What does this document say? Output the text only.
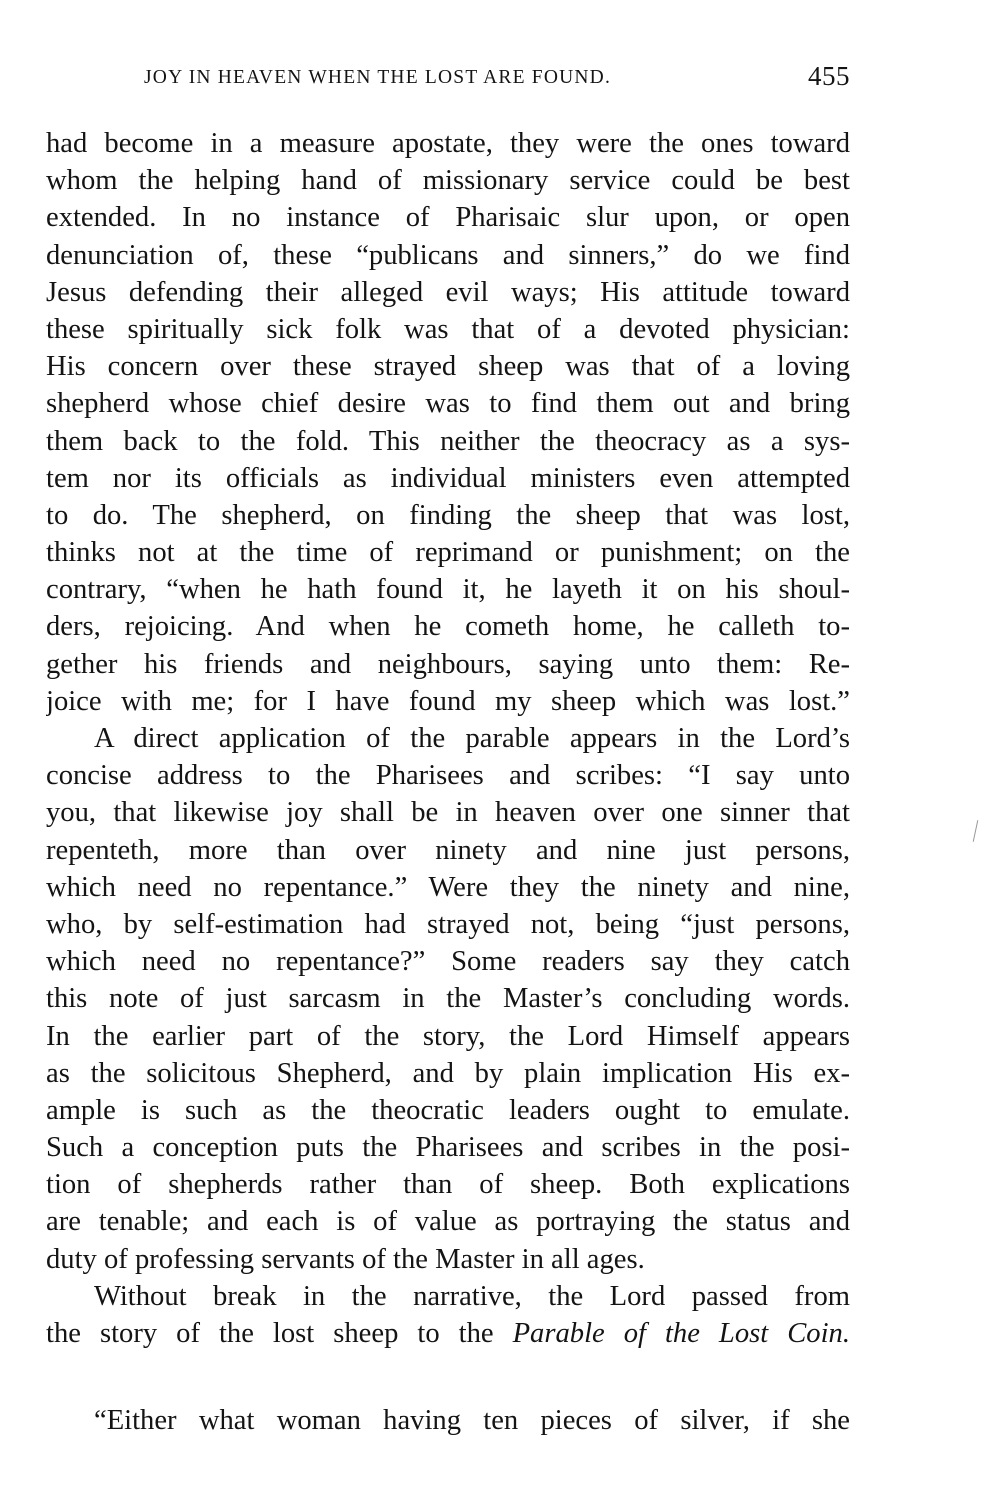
JOY IN HEAVEN WHEN THE LOST ARE FOUND.	455
had become in a measure apostate, they were the ones toward
whom the helping hand of missionary service could be best
extended. In no instance of Pharisaic slur upon, or open
denunciation of, these “publicans and sinners,” do we find
Jesus defending their alleged evil ways; His attitude toward
these spiritually sick folk was that of a devoted physician:
His concern over these strayed sheep was that of a loving
shepherd whose chief desire was to find them out and bring
them back to the fold. This neither the theocracy as a sys-
tem nor its officials as individual ministers even attempted
to do. The shepherd, on finding the sheep that was lost,
thinks not at the time of reprimand or punishment; on the
contrary, “when he hath found it, he layeth it on his shoul-
ders, rejoicing. And when he cometh home, he calleth to-
gether his friends and neighbours, saying unto them: Re-
joice with me; for I have found my sheep which was lost.”
A direct application of the parable appears in the Lord’s
concise address to the Pharisees and scribes: “I say unto
you, that likewise joy shall be in heaven over one sinner that
repenteth, more than over ninety and nine just persons,
which need no repentance.” Were they the ninety and nine,
who, by self-estimation had strayed not, being “just persons,
which need no repentance?” Some readers say they catch
this note of just sarcasm in the Master’s concluding words.
In the earlier part of the story, the Lord Himself appears
as the solicitous Shepherd, and by plain implication His ex-
ample is such as the theocratic leaders ought to emulate.
Such a conception puts the Pharisees and scribes in the posi-
tion of shepherds rather than of sheep. Both explications
are tenable; and each is of value as portraying the status and
duty of professing servants of the Master in all ages.
Without break in the narrative, the Lord passed from
the story of the lost sheep to the Parable of the Lost Coin.
“Either what woman having ten pieces of silver, if she
